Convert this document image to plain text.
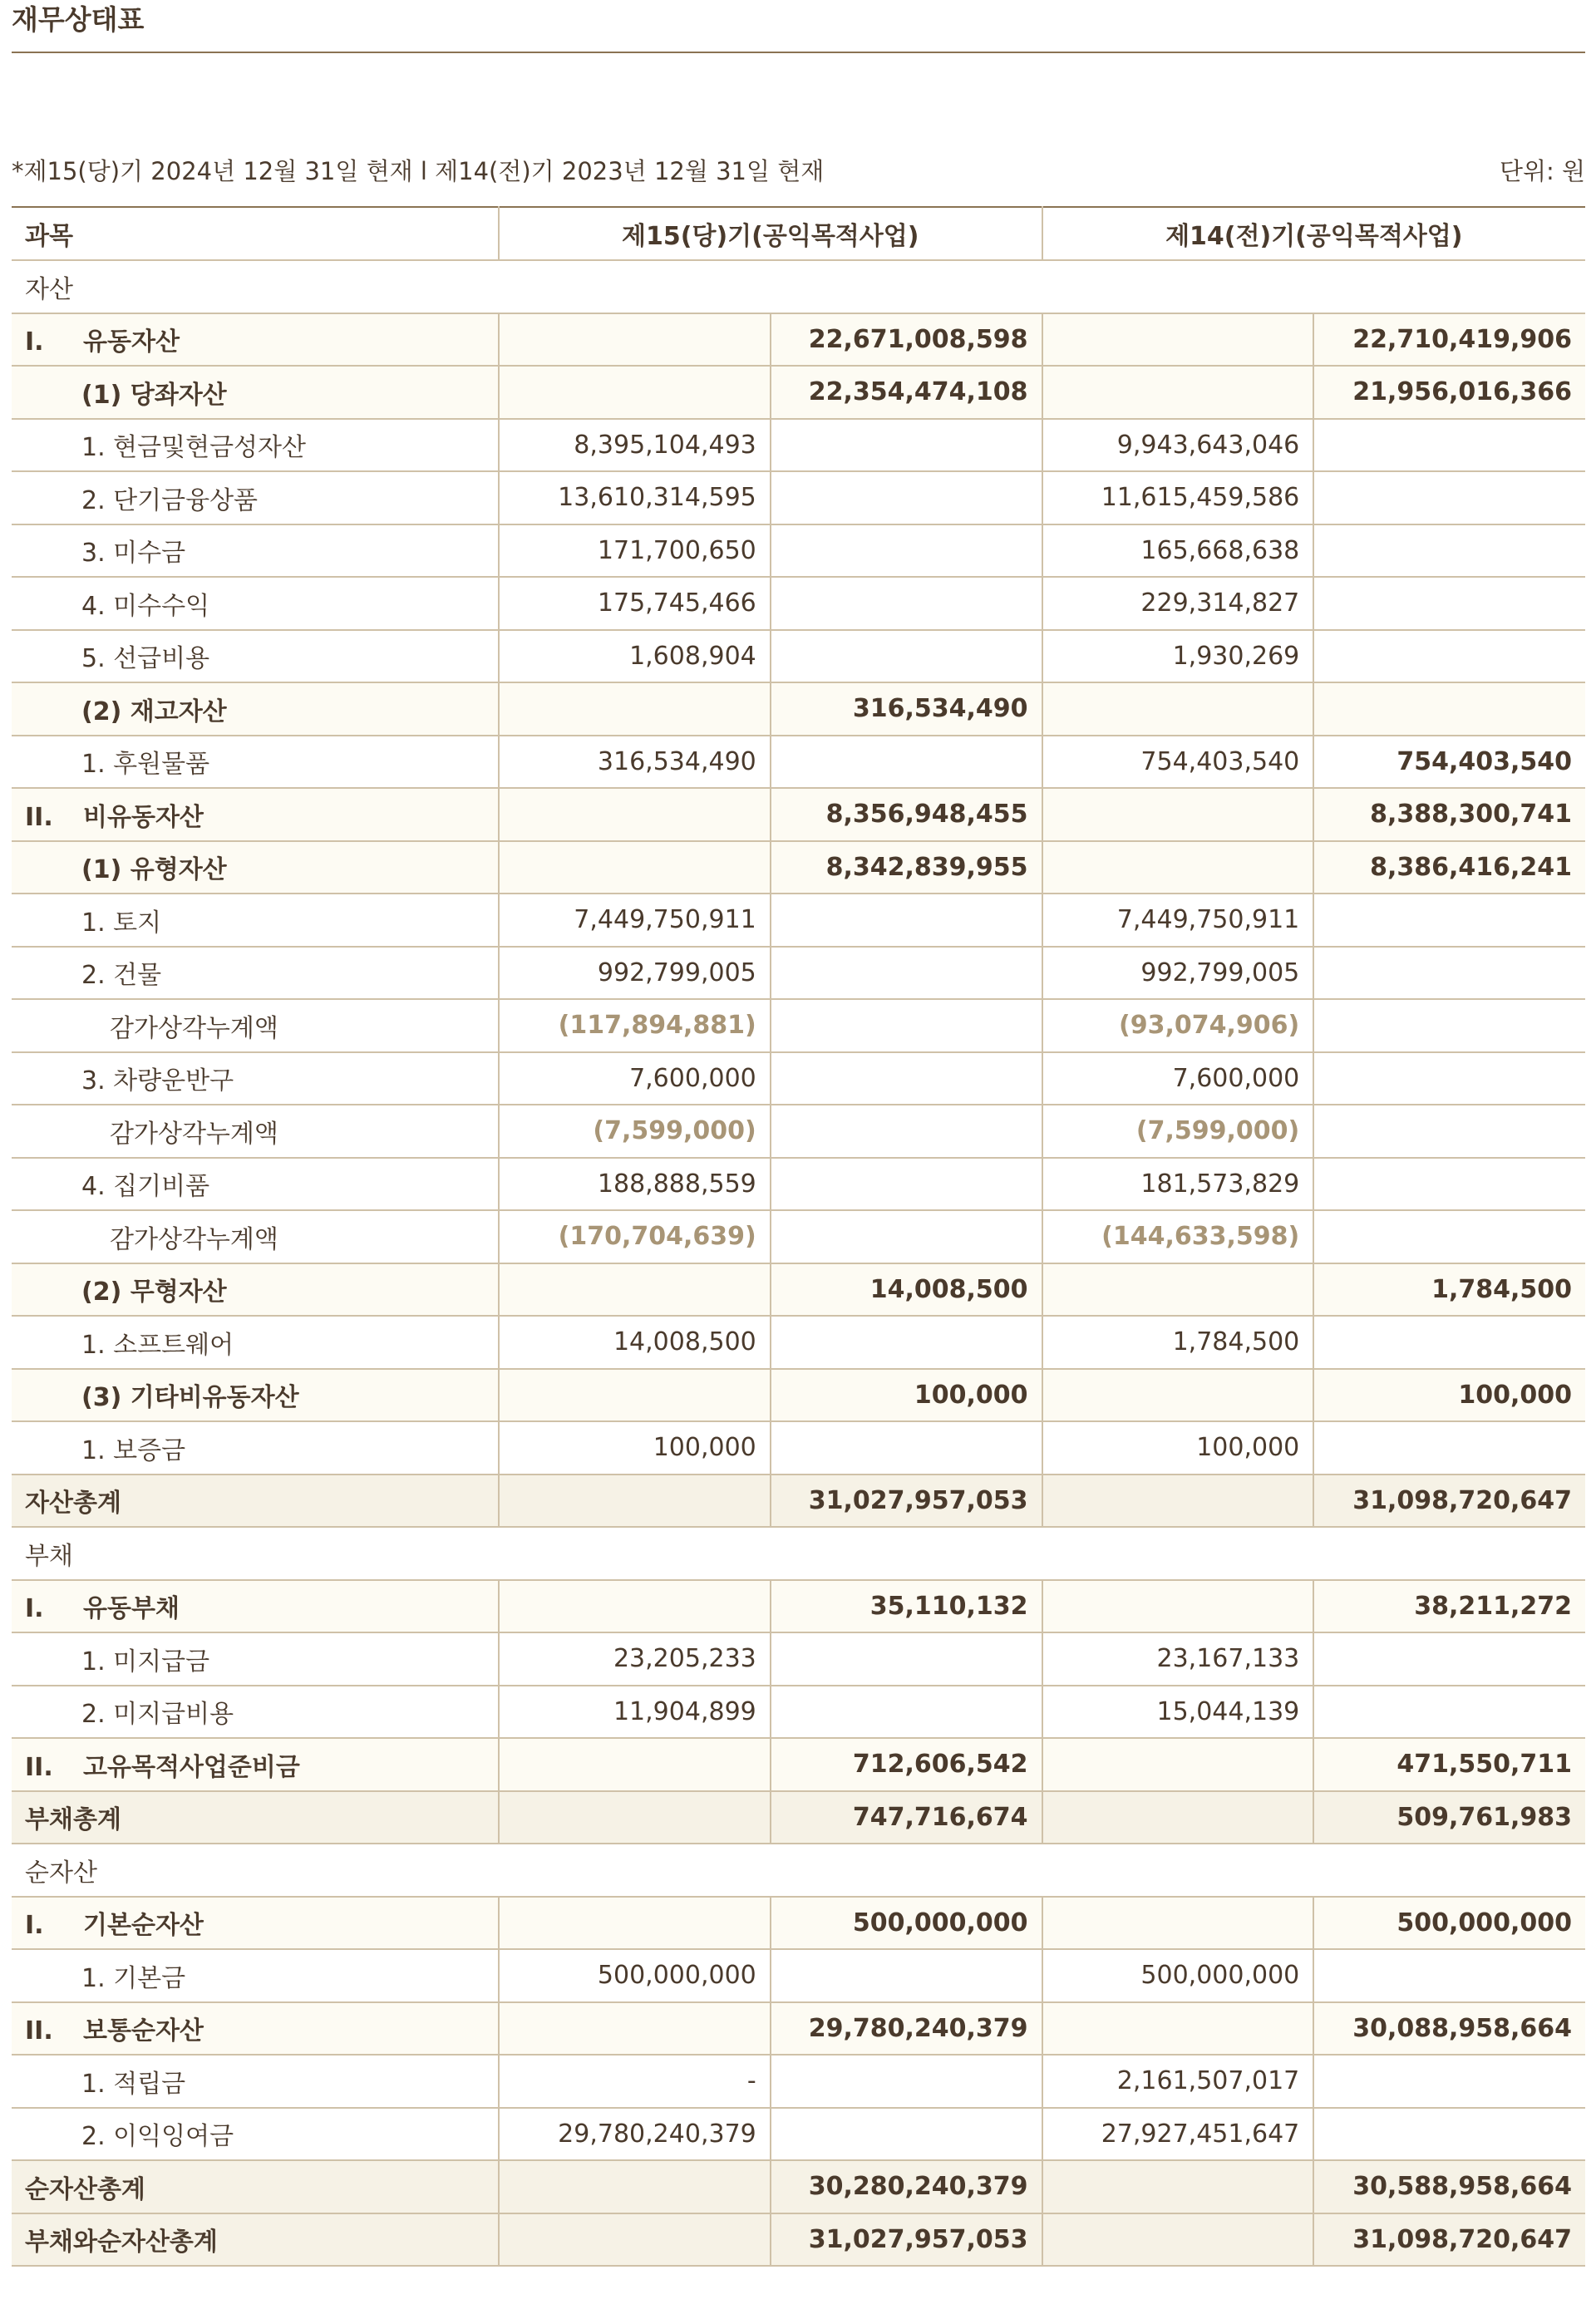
재무상태표
*제15(당)기 2024년 12월 31일 현재 l 제14(전)기 2023년 12월 31일 현재	단위: 원
과목	제15(당)기(공익목적사업)		제14(전)기(공익목적사업)	
자산				
I. 유동자산		22,671,008,598		22,710,419,906
(1) 당좌자산		22,354,474,108		21,956,016,366
1. 현금및현금성자산	8,395,104,493		9,943,643,046	
2. 단기금융상품	13,610,314,595		11,615,459,586	
3. 미수금	171,700,650		165,668,638	
4. 미수수익	175,745,466		229,314,827	
5. 선급비용	1,608,904		1,930,269	
(2) 재고자산		316,534,490		
1. 후원물품	316,534,490		754,403,540	754,403,540
II. 비유동자산		8,356,948,455		8,388,300,741
(1) 유형자산		8,342,839,955		8,386,416,241
1. 토지	7,449,750,911		7,449,750,911	
2. 건물	992,799,005		992,799,005	
감가상각누계액	(117,894,881)		(93,074,906)	
3. 차량운반구	7,600,000		7,600,000	
감가상각누계액	(7,599,000)		(7,599,000)	
4. 집기비품	188,888,559		181,573,829	
감가상각누계액	(170,704,639)		(144,633,598)	
(2) 무형자산		14,008,500		1,784,500
1. 소프트웨어	14,008,500		1,784,500	
(3) 기타비유동자산		100,000		100,000
1. 보증금	100,000		100,000	
자산총계		31,027,957,053		31,098,720,647
부채				
I. 유동부채		35,110,132		38,211,272
1. 미지급금	23,205,233		23,167,133	
2. 미지급비용	11,904,899		15,044,139	
II. 고유목적사업준비금		712,606,542		471,550,711
부채총계		747,716,674		509,761,983
순자산				
I. 기본순자산		500,000,000		500,000,000
1. 기본금	500,000,000		500,000,000	
II. 보통순자산		29,780,240,379		30,088,958,664
1. 적립금	-		2,161,507,017	
2. 이익잉여금	29,780,240,379		27,927,451,647	
순자산총계		30,280,240,379		30,588,958,664
부채와순자산총계		31,027,957,053		31,098,720,647
